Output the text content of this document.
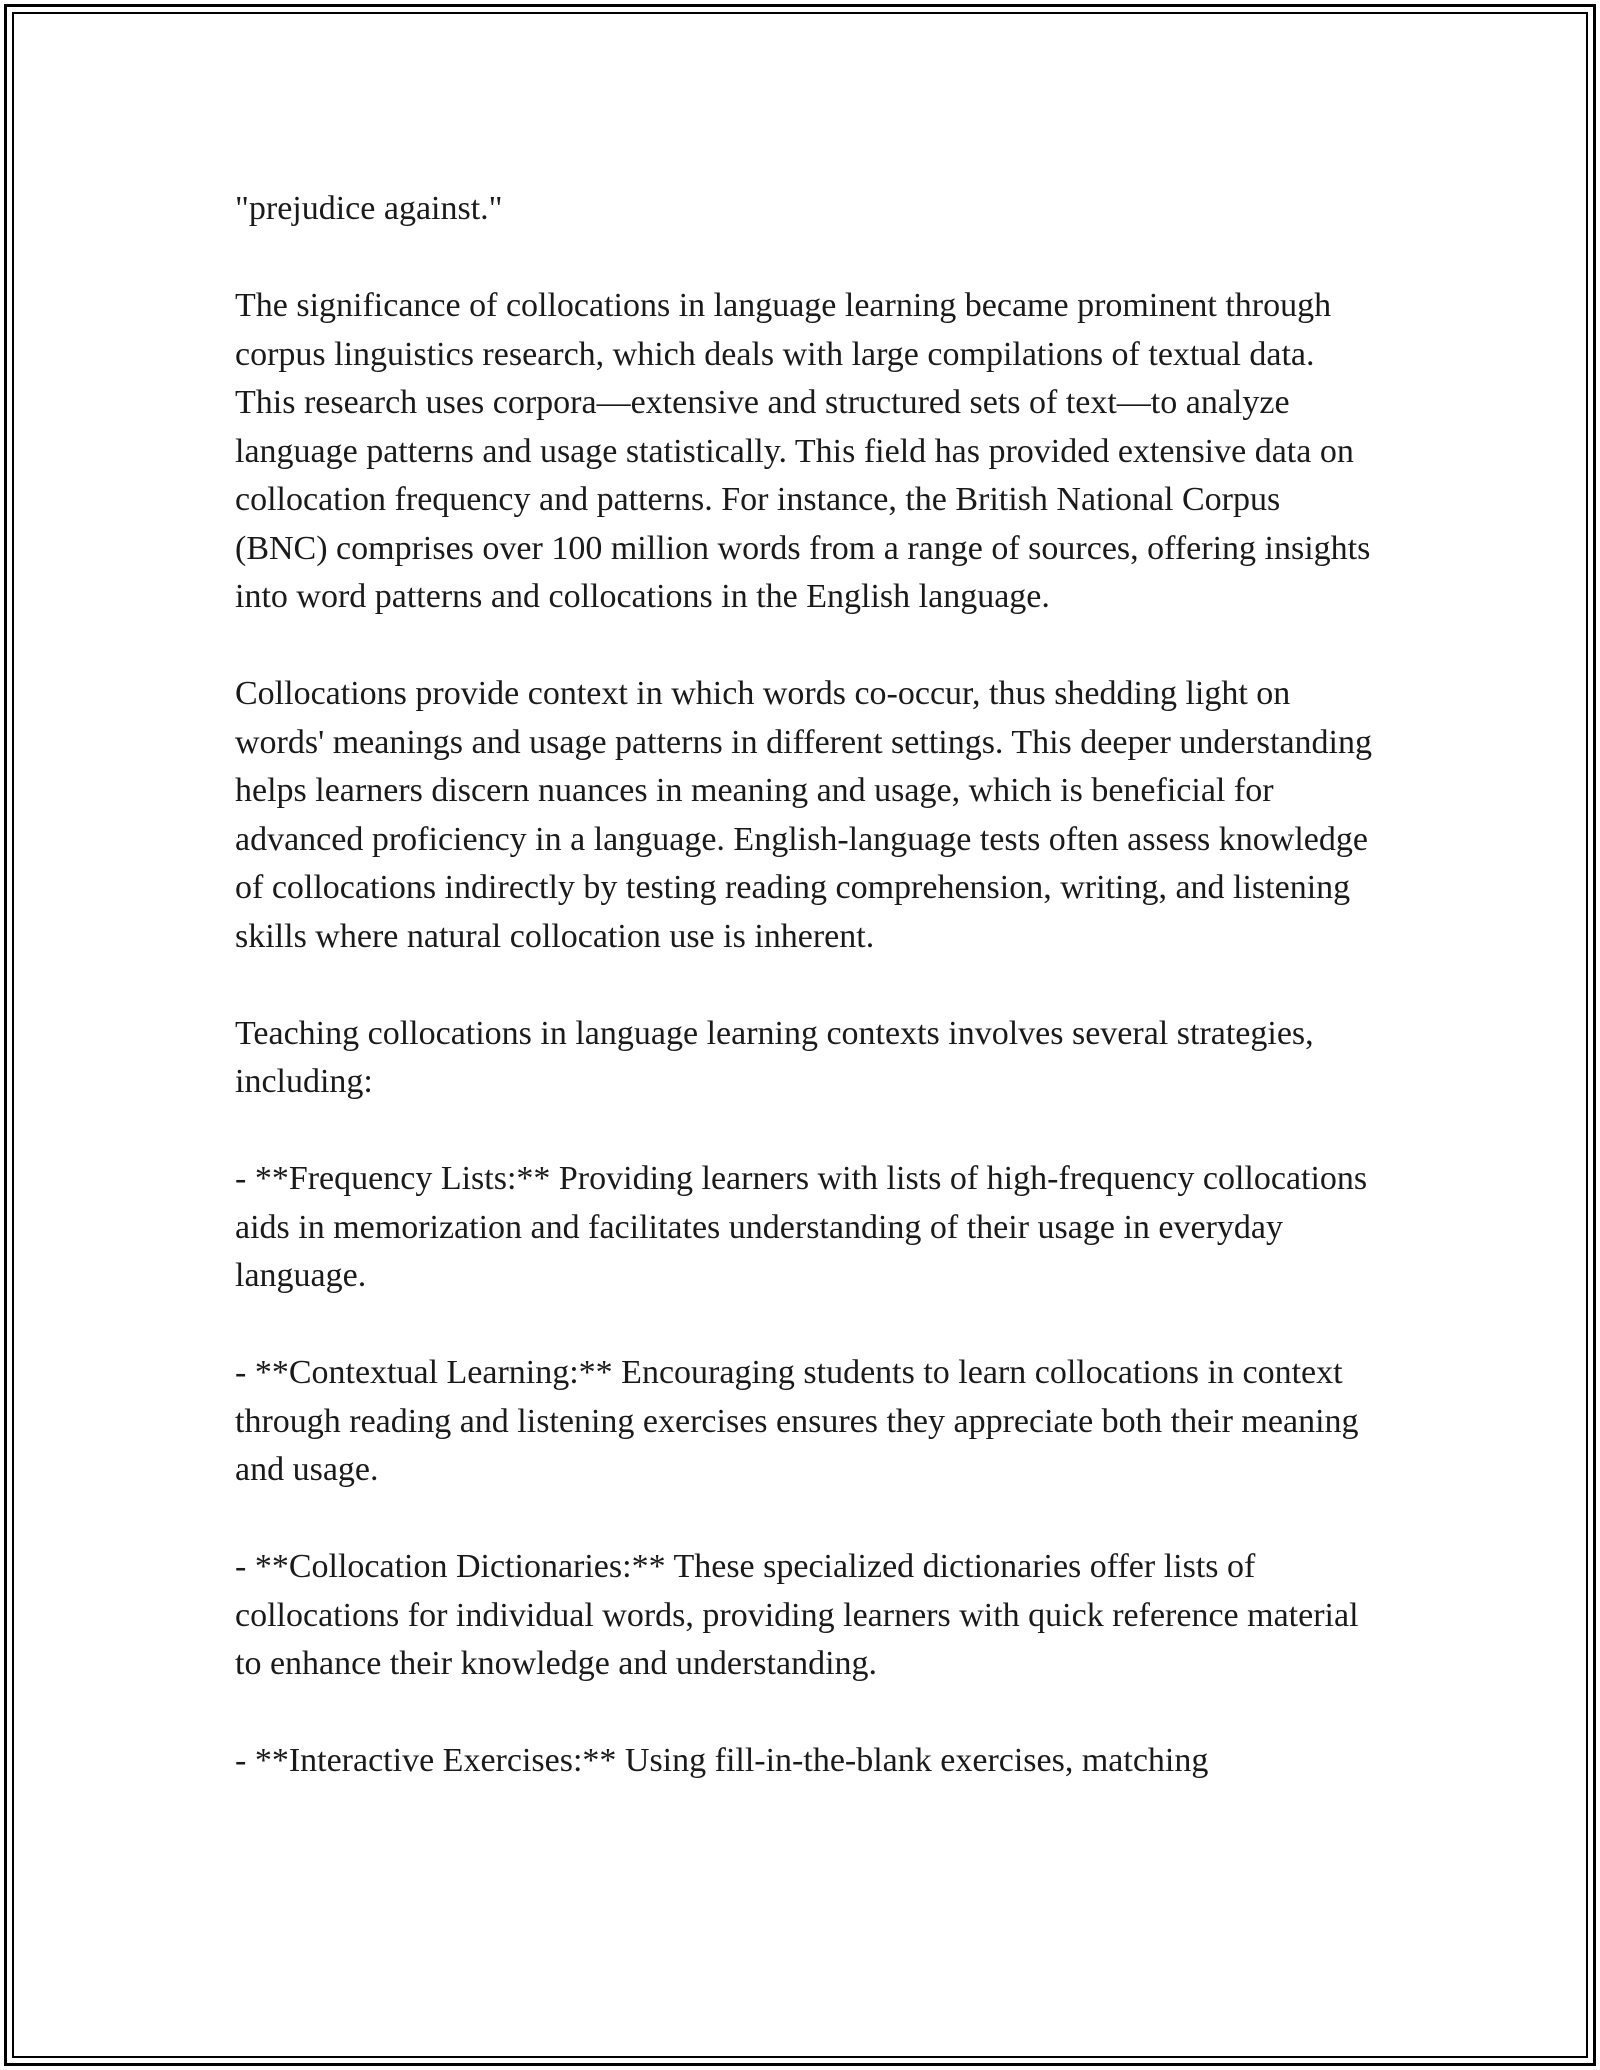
"prejudice against."

The significance of collocations in language learning became prominent through corpus linguistics research, which deals with large compilations of textual data. This research uses corpora—extensive and structured sets of text—to analyze language patterns and usage statistically. This field has provided extensive data on collocation frequency and patterns. For instance, the British National Corpus (BNC) comprises over 100 million words from a range of sources, offering insights into word patterns and collocations in the English language.

Collocations provide context in which words co-occur, thus shedding light on words' meanings and usage patterns in different settings. This deeper understanding helps learners discern nuances in meaning and usage, which is beneficial for advanced proficiency in a language. English-language tests often assess knowledge of collocations indirectly by testing reading comprehension, writing, and listening skills where natural collocation use is inherent.

Teaching collocations in language learning contexts involves several strategies, including:

- **Frequency Lists:** Providing learners with lists of high-frequency collocations aids in memorization and facilitates understanding of their usage in everyday language.

- **Contextual Learning:** Encouraging students to learn collocations in context through reading and listening exercises ensures they appreciate both their meaning and usage.

- **Collocation Dictionaries:** These specialized dictionaries offer lists of collocations for individual words, providing learners with quick reference material to enhance their knowledge and understanding.

- **Interactive Exercises:** Using fill-in-the-blank exercises, matching
